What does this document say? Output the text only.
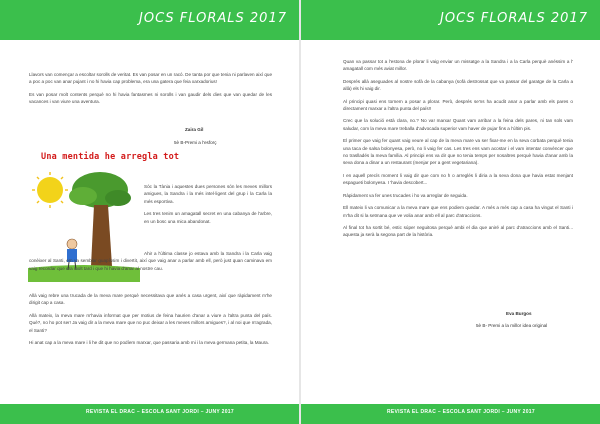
JOCS FLORALS 2017

Llavors van començar a escoltar sorolls de veritat. Es van posar en un racó. De tanta por que tenia ni parlaven així que a poc a poc van anar pujant i no hi havia cap problema, era una gatera que feia xarxadorius!

Es van posar molt contents perquè no hi havia fantasmes ni sorolls i van gaudir dels dies que van quedar de les vacances i van viure una aventura.

Zaira Gil
5è B-Premi a l'esforç
Una mentida he arregla tot

Sóc la Tània i aquestes dues persones són les meves millors amigues, la Sandra i la més intel·ligent del grup i la Carla la més esportiva.

Les tres tenim un amagatall secret en una cabanya de l'arbre, en un bosc una mica abandonat.

Ahir a l'última classe jo estava amb la Sandra i la Carla vaig conèixer al Santi, em va semblar guapíssim i divertit, així que vaig anar a parlar amb ell, però just quan caminava em vaig recordar que era molt tard i que hi havia d'anar al nostre cau.

Allà vaig rebre una trucada de la meva mare perquè necessitava que anés a casa urgent, així que ràpidament m'he dirigit cap a casa.

Allà mateix, la meva mare m'havia informat que per motius de feina haurien d'anar a viure a l'altra punta del país. Què?, no ho pot ser! Ja vaig dir a la meva mare que no puc deixar a les meves millors amigues?, i al noi que m'agrada, el Santi?

Hi anat cap a la meva mare i li he dit que no podíem marxar, que passaria amb mi i la meva germana petita, la Maura.

REVISTA EL DRAC – ESCOLA SANT JORDI – JUNY 2017
JOCS FLORALS 2017

Quan va passar tot a l'estona de plorar li vaig enviar un missatge a la Sandra i a la Carla perquè anéssim a l' amagatall com més aviat millor.

Després allà aseguades al nostre sofà de la cabanya (sofà destrossat que va passar del garatge de la Carla a allà) els hi vaig dir.

Al principi quasi ens tornem a posar a plorar. Però, després se'ns ha acudit anar a parlar amb els pares o directament marxar a l'altra punta del país!!

Crec que la solució està clara, no.? No va! marxar Quant vam arribar a la feina dels pares, ni tan sols vam saludar, com la meva mare treballa d'advocada superior vam haver de pujar fins a l'últim pis.

El primer que vaig fer quant vaig veure al cap de la meva mare va ser fixar-me en la seva corbata perquè tenia una taca de salsa bolonyesa, però, no li vaig fer cas. Les tres ens vam acostar i el vam intentar convèncer que no traslladés la meva família. Al principi ens va dir que no tenia temps per nosaltres perquè havia d'anar amb la seva dona a dinar a un restaurant (menjar per a gent vegetariana).

I en aquell precís moment li vaig dir que com no h o arreglés li diria a la seva dona que havia estat menjant espagueti bolonyesa. I 'havia descobert...

Ràpidament va fer unes trucades i ho va arreglar de seguida.

Ell mateix li va comunicar a la meva mare que ens podiem quedar. A més a més cap a casa ha vingut el Santi i m'ha dit si la setmana que ve volia anar amb ell al parc d'atraccions.

Al final tot ha sortit bé, estic súper neguitosa perquè ambi el dia que aniré al parc d'atraccions amb el Santi... aquesta ja serà la segona part de la història.

Eva Burgos
5è B- Premi a la millor idea original
REVISTA EL DRAC – ESCOLA SANT JORDI – JUNY 2017
